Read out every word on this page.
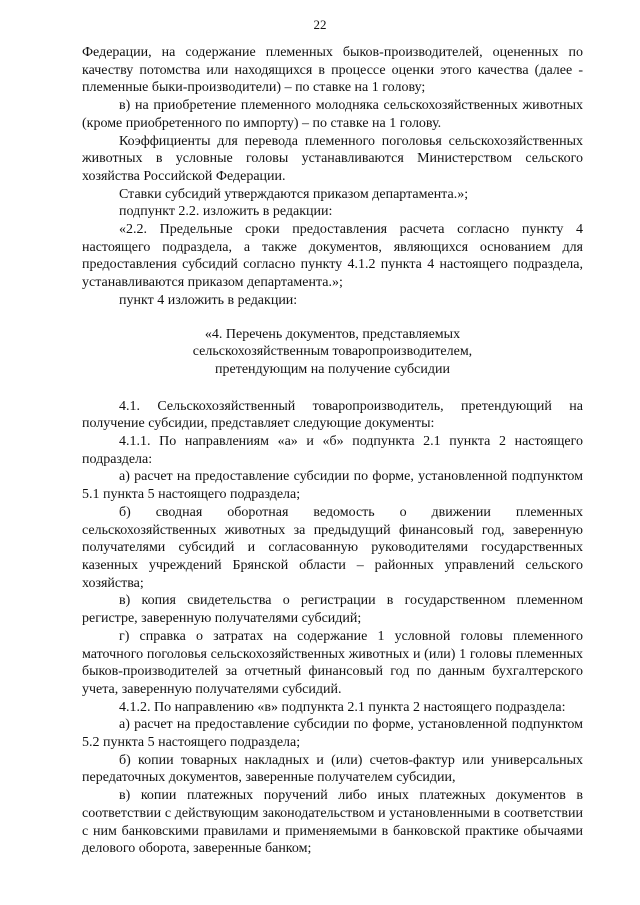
22

Федерации, на содержание племенных быков-производителей, оцененных по качеству потомства или находящихся в процессе оценки этого качества (далее - племенные быки-производители) – по ставке на 1 голову;

в) на приобретение племенного молодняка сельскохозяйственных животных (кроме приобретенного по импорту) – по ставке на 1 голову.

Коэффициенты для перевода племенного поголовья сельскохозяйственных животных в условные головы устанавливаются Министерством сельского хозяйства Российской Федерации.

Ставки субсидий утверждаются приказом департамента.»;

подпункт 2.2. изложить в редакции:

«2.2. Предельные сроки предоставления расчета согласно пункту 4 настоящего подраздела, а также документов, являющихся основанием для предоставления субсидий согласно пункту 4.1.2 пункта 4 настоящего подраздела, устанавливаются приказом департамента.»;

пункт 4 изложить в редакции:

«4. Перечень документов, представляемых

сельскохозяйственным товаропроизводителем,

претендующим на получение субсидии

4.1. Сельскохозяйственный товаропроизводитель, претендующий на получение субсидии, представляет следующие документы:

4.1.1. По направлениям «а» и «б» подпункта 2.1 пункта 2 настоящего подраздела:

а) расчет на предоставление субсидии по форме, установленной подпунктом 5.1 пункта 5 настоящего подраздела;

б) сводная оборотная ведомость о движении племенных сельскохозяйственных животных за предыдущий финансовый год, заверенную получателями субсидий и согласованную руководителями государственных казенных учреждений Брянской области – районных управлений сельского хозяйства;

в) копия свидетельства о регистрации в государственном племенном регистре, заверенную получателями субсидий;

г) справка о затратах на содержание 1 условной головы племенного маточного поголовья сельскохозяйственных животных и (или) 1 головы племенных быков-производителей за отчетный финансовый год по данным бухгалтерского учета, заверенную получателями субсидий.

4.1.2. По направлению «в» подпункта 2.1 пункта 2 настоящего подраздела:

а) расчет на предоставление субсидии по форме, установленной подпунктом 5.2 пункта 5 настоящего подраздела;

б) копии товарных накладных и (или) счетов-фактур или универсальных передаточных документов, заверенные получателем субсидии,

в) копии платежных поручений либо иных платежных документов в соответствии с действующим законодательством и установленными в соответствии с ним банковскими правилами и применяемыми в банковской практике обычаями делового оборота, заверенные банком;
